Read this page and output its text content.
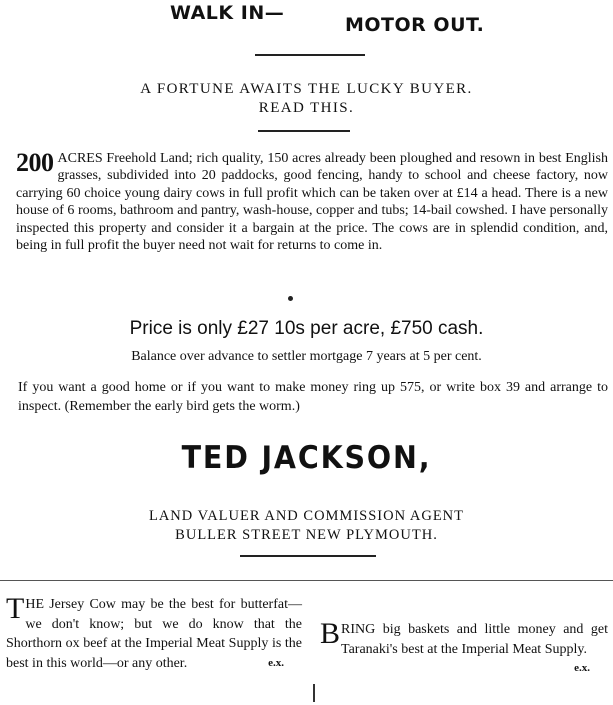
WALK IN—
MOTOR OUT.
A FORTUNE AWAITS THE LUCKY BUYER.
READ THIS.
200 ACRES Freehold Land; rich quality, 150 acres already been ploughed and resown in best English grasses, subdivided into 20 paddocks, good fencing, handy to school and cheese factory, now carrying 60 choice young dairy cows in full profit which can be taken over at £14 a head. There is a new house of 6 rooms, bathroom and pantry, wash-house, copper and tubs; 14-bail cowshed. I have personally inspected this property and consider it a bargain at the price. The cows are in splendid condition, and, being in full profit the buyer need not wait for returns to come in.
Price is only £27 10s per acre, £750 cash.
Balance over advance to settler mortgage 7 years at 5 per cent.
If you want a good home or if you want to make money ring up 575, or write box 39 and arrange to inspect. (Remember the early bird gets the worm.)
TED JACKSON,
LAND VALUER AND COMMISSION AGENT
BULLER STREET NEW PLYMOUTH.
T HE Jersey Cow may be the best for butterfat—we don't know; but we do know that the Shorthorn ox beef at the Imperial Meat Supply is the best in this world—or any other.	e.x.
B RING big baskets and little money and get Taranaki's best at the Imperial Meat Supply.
e.x.
